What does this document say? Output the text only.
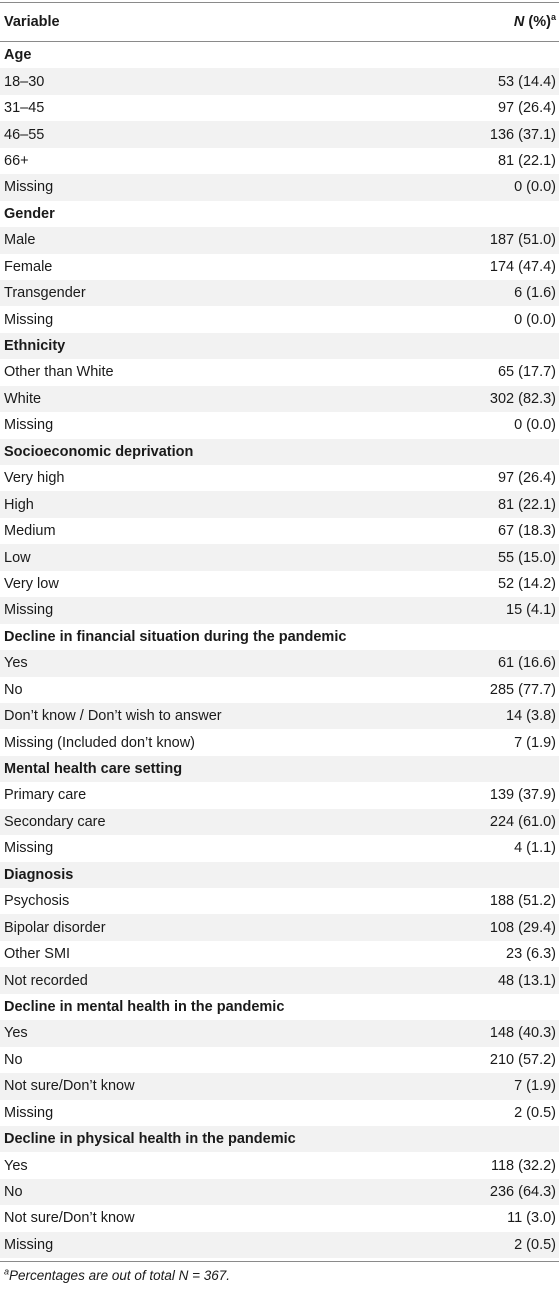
Variable	N (%)$^a$
Age
18–30	53 (14.4)
31–45	97 (26.4)
46–55	136 (37.1)
66+	81 (22.1)
Missing	0 (0.0)
Gender
Male	187 (51.0)
Female	174 (47.4)
Transgender	6 (1.6)
Missing	0 (0.0)
Ethnicity
Other than White	65 (17.7)
White	302 (82.3)
Missing	0 (0.0)
Socioeconomic deprivation
Very high	97 (26.4)
High	81 (22.1)
Medium	67 (18.3)
Low	55 (15.0)
Very low	52 (14.2)
Missing	15 (4.1)
Decline in financial situation during the pandemic
Yes	61 (16.6)
No	285 (77.7)
Don’t know / Don’t wish to answer	14 (3.8)
Missing (Included don’t know)	7 (1.9)
Mental health care setting
Primary care	139 (37.9)
Secondary care	224 (61.0)
Missing	4 (1.1)
Diagnosis
Psychosis	188 (51.2)
Bipolar disorder	108 (29.4)
Other SMI	23 (6.3)
Not recorded	48 (13.1)
Decline in mental health in the pandemic
Yes	148 (40.3)
No	210 (57.2)
Not sure/Don’t know	7 (1.9)
Missing	2 (0.5)
Decline in physical health in the pandemic
Yes	118 (32.2)
No	236 (64.3)
Not sure/Don’t know	11 (3.0)
Missing	2 (0.5)
$^a$Percentages are out of total N = 367.
